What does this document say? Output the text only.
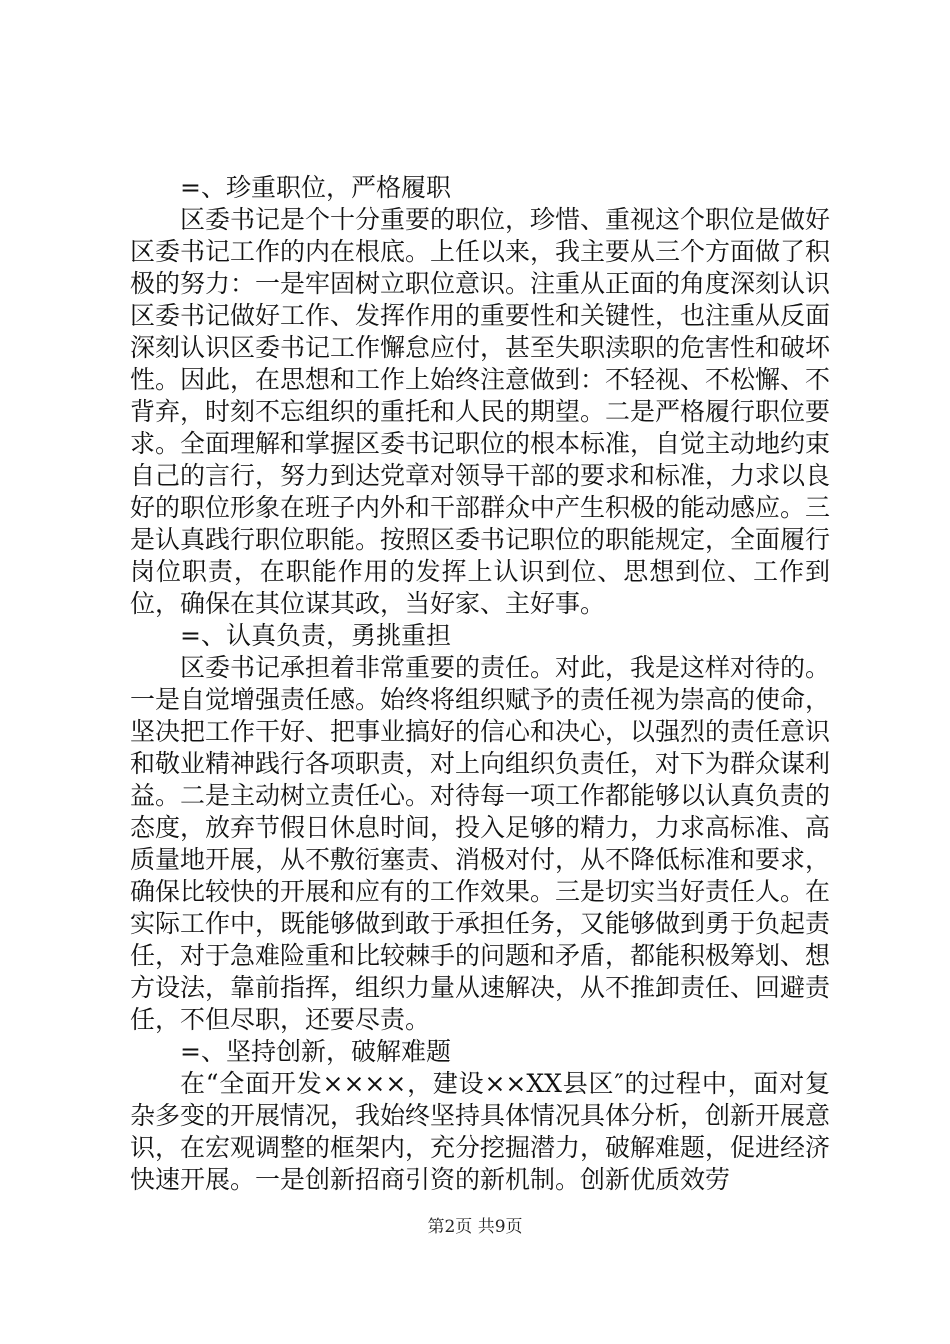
=、珍重职位，严格履职

区委书记是个十分重要的职位，珍惜、重视这个职位是做好区委书记工作的内在根底。上任以来，我主要从三个方面做了积极的努力：一是牢固树立职位意识。注重从正面的角度深刻认识区委书记做好工作、发挥作用的重要性和关键性，也注重从反面深刻认识区委书记工作懈怠应付，甚至失职渎职的危害性和破坏性。因此，在思想和工作上始终注意做到：不轻视、不松懈、不背弃，时刻不忘组织的重托和人民的期望。二是严格履行职位要求。全面理解和掌握区委书记职位的根本标准，自觉主动地约束自己的言行，努力到达党章对领导干部的要求和标准，力求以良好的职位形象在班子内外和干部群众中产生积极的能动感应。三是认真践行职位职能。按照区委书记职位的职能规定，全面履行岗位职责，在职能作用的发挥上认识到位、思想到位、工作到位，确保在其位谋其政，当好家、主好事。

=、认真负责，勇挑重担

区委书记承担着非常重要的责任。对此，我是这样对待的。一是自觉增强责任感。始终将组织赋予的责任视为崇高的使命，坚决把工作干好、把事业搞好的信心和决心，以强烈的责任意识和敬业精神践行各项职责，对上向组织负责任，对下为群众谋利益。二是主动树立责任心。对待每一项工作都能够以认真负责的态度，放弃节假日休息时间，投入足够的精力，力求高标准、高质量地开展，从不敷衍塞责、消极对付，从不降低标准和要求，确保比较快的开展和应有的工作效果。三是切实当好责任人。在实际工作中，既能够做到敢于承担任务，又能够做到勇于负起责任，对于急难险重和比较棘手的问题和矛盾，都能积极筹划、想方设法，靠前指挥，组织力量从速解决，从不推卸责任、回避责任，不但尽职，还要尽责。

=、坚持创新，破解难题

在“全面开发××××，建设××XX县区″的过程中，面对复杂多变的开展情况，我始终坚持具体情况具体分析，创新开展意识，在宏观调整的框架内，充分挖掘潜力，破解难题，促进经济快速开展。一是创新招商引资的新机制。创新优质效劳

第2页 共9页
